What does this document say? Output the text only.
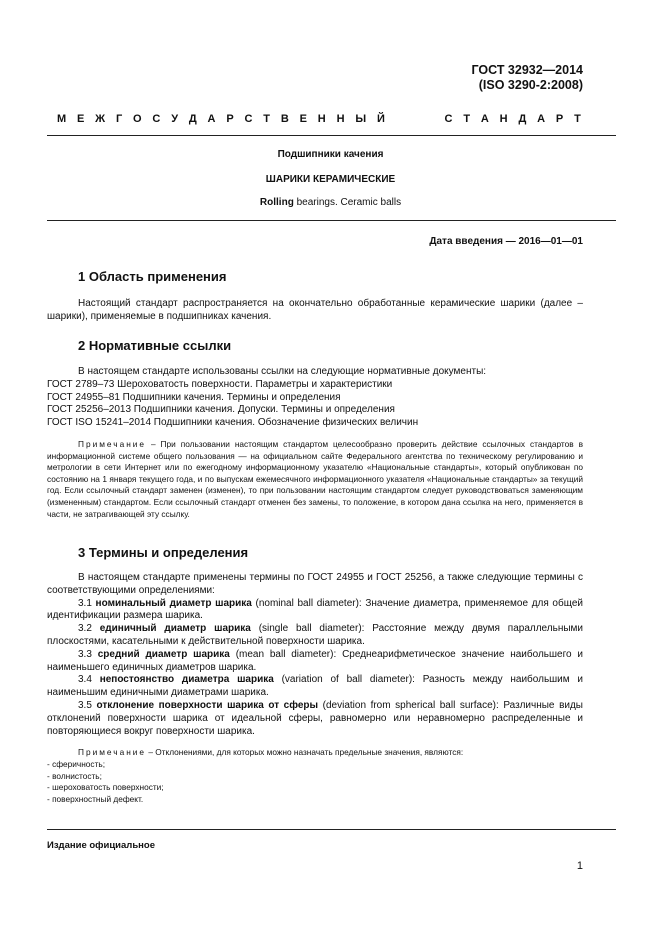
ГОСТ 32932—2014
(ISO 3290-2:2008)
М Е Ж Г О С У Д А Р С Т В Е Н Н Ы Й	С Т А Н Д А Р Т
Подшипники качения
ШАРИКИ КЕРАМИЧЕСКИЕ
Rolling bearings. Ceramic balls
Дата введения — 2016—01—01
1 Область применения

Настоящий стандарт распространяется на окончательно обработанные керамические шарики (далее – шарики), применяемые в подшипниках качения.

2 Нормативные ссылки

В настоящем стандарте использованы ссылки на следующие нормативные документы:

ГОСТ 2789–73 Шероховатость поверхности. Параметры и характеристики

ГОСТ 24955–81 Подшипники качения. Термины и определения

ГОСТ 25256–2013 Подшипники качения. Допуски. Термины и определения

ГОСТ ISO 15241–2014 Подшипники качения. Обозначение физических величин

Примечание – При пользовании настоящим стандартом целесообразно проверить действие ссылочных стандартов в информационной системе общего пользования — на официальном сайте Федерального агентства по техническому регулированию и метрологии в сети Интернет или по ежегодному информационному указателю «Национальные стандарты», который опубликован по состоянию на 1 января текущего года, и по выпускам ежемесячного информационного указателя «Национальные стандарты» за текущий год. Если ссылочный стандарт заменен (изменен), то при пользовании настоящим стандартом следует руководствоваться заменяющим (измененным) стандартом. Если ссылочный стандарт отменен без замены, то положение, в котором дана ссылка на него, применяется в части, не затрагивающей эту ссылку.

3 Термины и определения

В настоящем стандарте применены термины по ГОСТ 24955 и ГОСТ 25256, а также следующие термины с соответствующими определениями:

3.1 номинальный диаметр шарика (nominal ball diameter): Значение диаметра, применяемое для общей идентификации размера шарика.

3.2 единичный диаметр шарика (single ball diameter): Расстояние между двумя параллельными плоскостями, касательными к действительной поверхности шарика.

3.3 средний диаметр шарика (mean ball diameter): Среднеарифметическое значение наибольшего и наименьшего единичных диаметров шарика.

3.4 непостоянство диаметра шарика (variation of ball diameter): Разность между наибольшим и наименьшим единичными диаметрами шарика.

3.5 отклонение поверхности шарика от сферы (deviation from spherical ball surface): Различные виды отклонений поверхности шарика от идеальной сферы, равномерно или неравномерно распределенные и повторяющиеся вокруг поверхности шарика.

Примечание – Отклонениями, для которых можно назначать предельные значения, являются:

- сферичность;
- волнистость;
- шероховатость поверхности;
- поверхностный дефект.
Издание официальное
1
